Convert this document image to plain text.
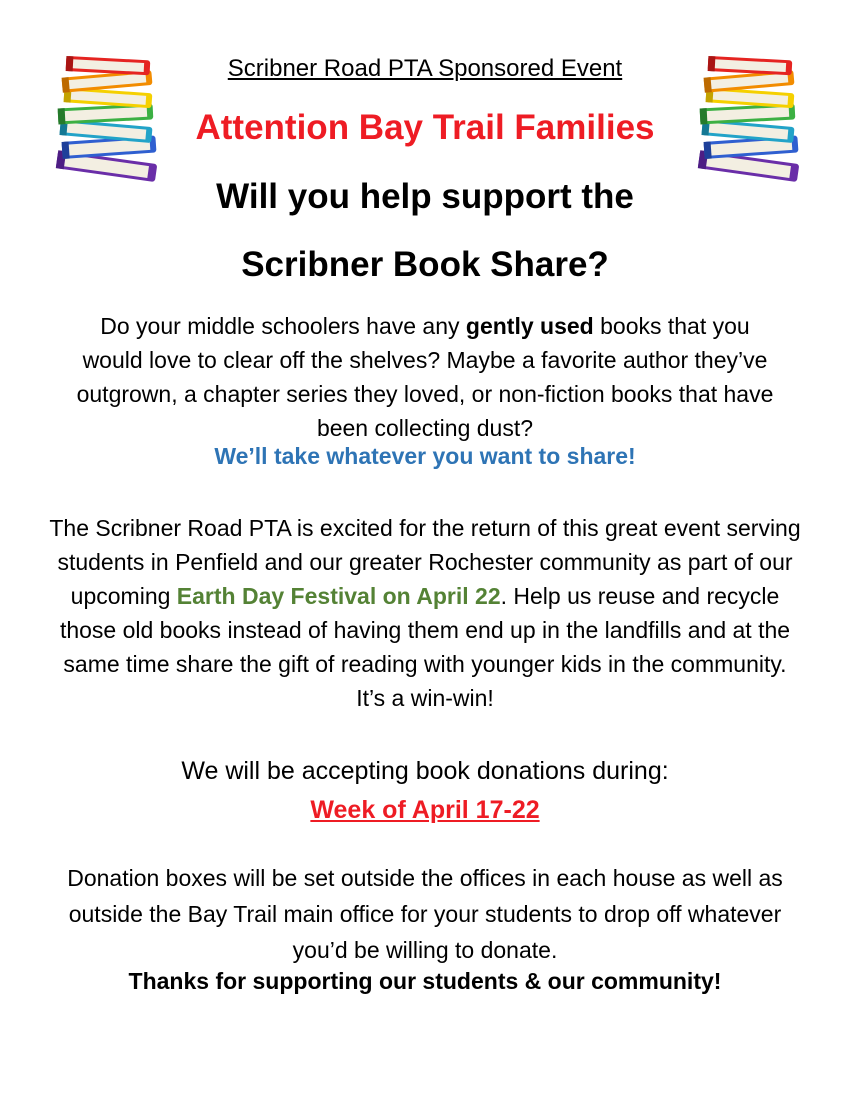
Scribner Road PTA Sponsored Event
Attention Bay Trail Families
Will you help support the
Scribner Book Share?
Do your middle schoolers have any gently used books that you would love to clear off the shelves? Maybe a favorite author they’ve outgrown, a chapter series they loved, or non-fiction books that have been collecting dust?
We’ll take whatever you want to share!
The Scribner Road PTA is excited for the return of this great event serving students in Penfield and our greater Rochester community as part of our upcoming Earth Day Festival on April 22. Help us reuse and recycle those old books instead of having them end up in the landfills and at the same time share the gift of reading with younger kids in the community. It’s a win-win!
We will be accepting book donations during:
Week of April 17-22
Donation boxes will be set outside the offices in each house as well as outside the Bay Trail main office for your students to drop off whatever you’d be willing to donate.
Thanks for supporting our students & our community!
